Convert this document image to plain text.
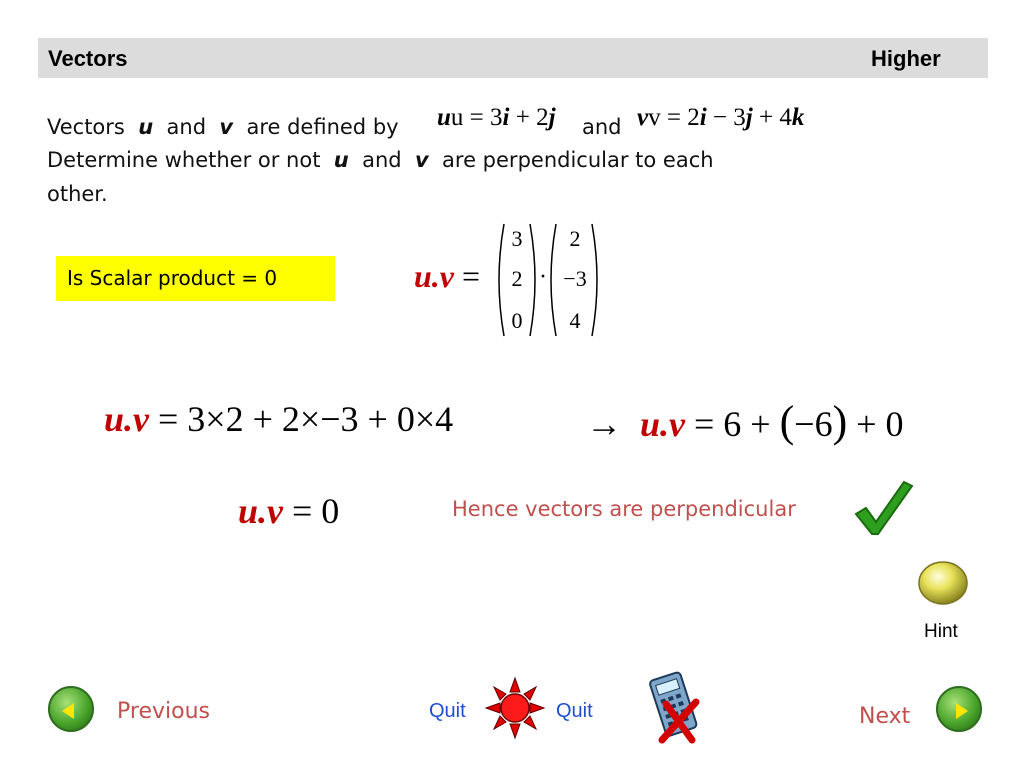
Vectors	Higher
Vectors u and v are defined by uu = 3i + 2j and vv = 2i − 3j + 4k
Determine whether or not u and v are perpendicular to each
other.
Is Scalar product = 0	u.v =
3
2
0
·
2
−3
4
u.v = 3×2 + 2×−3 + 0×4	→ u.v = 6 + (−6) + 0
u.v = 0	Hence vectors are perpendicular
Hint
Previous	Quit	Quit	Next
